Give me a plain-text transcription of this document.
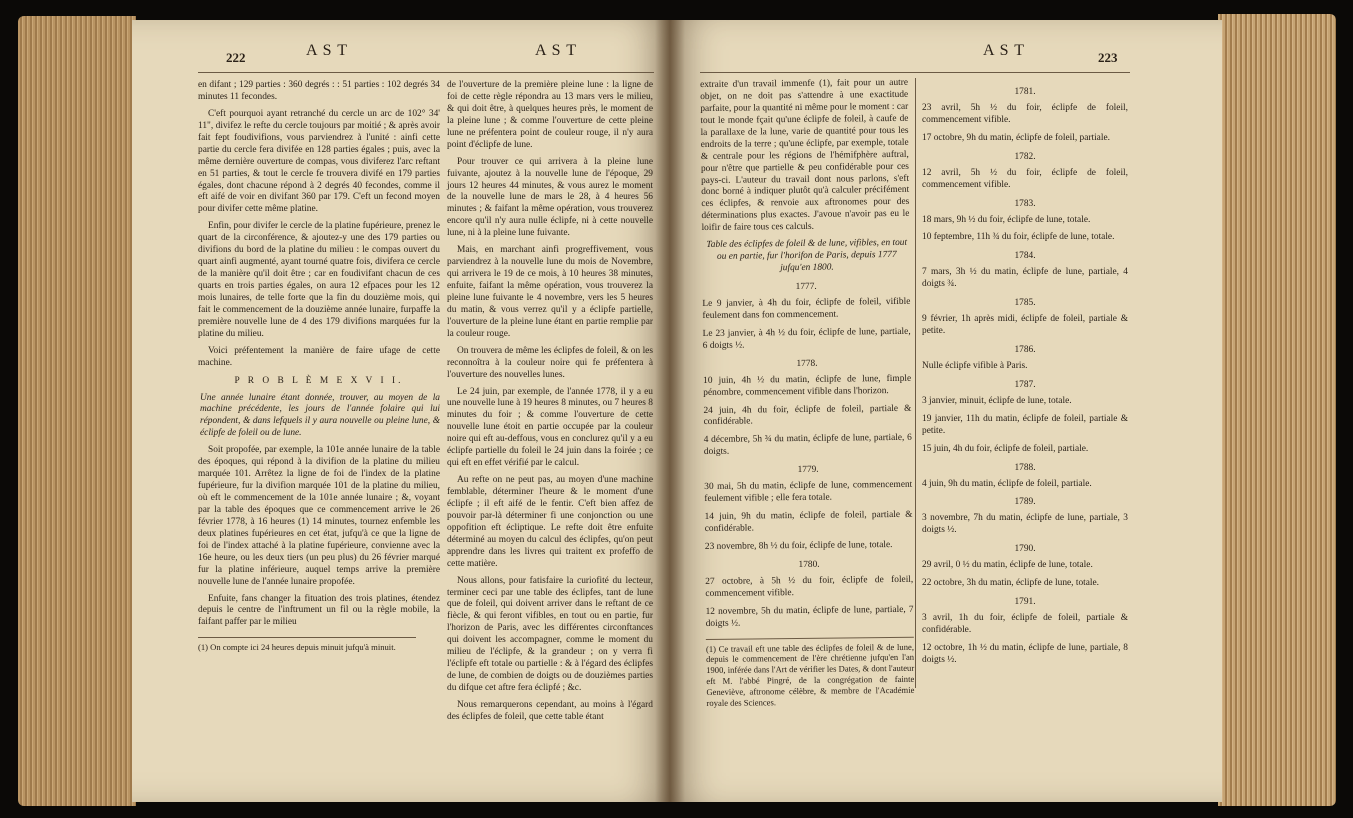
222	A S T	A S T	A S T	223

en difant ; 129 parties : 360 degrés : : 51 parties : 102 degrés 34 minutes 11 fecondes.

C'eft pourquoi ayant retranché du cercle un arc de 102° 34' 11", divifez le refte du cercle toujours par moitié ; & après avoir fait fept foudivifions, vous parviendrez à l'unité : ainfi cette partie du cercle fera divifée en 128 parties égales ; puis, avec la même dernière ouverture de compas, vous diviferez l'arc reftant en 51 parties, & tout le cercle fe trouvera divifé en 179 parties égales, dont chacune répond à 2 degrés 40 fecondes, comme il eft aifé de voir en divifant 360 par 179. C'eft un fecond moyen pour divifer cette même platine.

Enfin, pour divifer le cercle de la platine fupérieure, prenez le quart de la circonférence, & ajoutez-y une des 179 parties ou divifions du bord de la platine du milieu : le compas ouvert du quart ainfi augmenté, ayant tourné quatre fois, divifera ce cercle de la manière qu'il doit être ; car en foudivifant chacun de ces quarts en trois parties égales, on aura 12 efpaces pour les 12 mois lunaires, de telle forte que la fin du douzième mois, qui fait le commencement de la douzième année lunaire, furpaffe la première nouvelle lune de 4 des 179 divifions marquées fur la platine du milieu.

Voici préfentement la manière de faire ufage de cette machine.

P R O B L È M E X V I I.

Une année lunaire étant donnée, trouver, au moyen de la machine précédente, les jours de l'année folaire qui lui répondent, & dans lefquels il y aura nouvelle ou pleine lune, & éclipfe de foleil ou de lune.

Soit propofée, par exemple, la 101e année lunaire de la table des époques, qui répond à la divifion de la platine du milieu marquée 101. Arrêtez la ligne de foi de l'index de la platine fupérieure, fur la divifion marquée 101 de la platine du milieu, où eft le commencement de la 101e année lunaire ; &, voyant par la table des époques que ce commencement arrive le 26 février 1778, à 16 heures (1) 14 minutes, tournez enfemble les deux platines fupérieures en cet état, jufqu'à ce que la ligne de foi de l'index attaché à la platine fupérieure, convienne avec la 16e heure, ou les deux tiers (un peu plus) du 26 février marqué fur la platine inférieure, auquel temps arrive la première nouvelle lune de l'année lunaire propofée.

Enfuite, fans changer la fituation des trois platines, étendez depuis le centre de l'inftrument un fil ou la règle mobile, la faifant paffer par le milieu

(1) On compte ici 24 heures depuis minuit jufqu'à minuit.

de l'ouverture de la première pleine lune : la ligne de foi de cette règle répondra au 13 mars vers le milieu, & qui doit être, à quelques heures près, le moment de la pleine lune ; & comme l'ouverture de cette pleine lune ne préfentera point de couleur rouge, il n'y aura point d'éclipfe de lune.

Pour trouver ce qui arrivera à la pleine lune fuivante, ajoutez à la nouvelle lune de l'époque, 29 jours 12 heures 44 minutes, & vous aurez le moment de la nouvelle lune de mars le 28, à 4 heures 56 minutes ; & faifant la même opération, vous trouverez encore qu'il n'y aura nulle éclipfe, ni à cette nouvelle lune, ni à la pleine lune fuivante.

Mais, en marchant ainfi progreffivement, vous parviendrez à la nouvelle lune du mois de Novembre, qui arrivera le 19 de ce mois, à 10 heures 38 minutes, enfuite, faifant la même opération, vous trouverez la pleine lune fuivante le 4 novembre, vers les 5 heures du matin, & vous verrez qu'il y a éclipfe partielle, l'ouverture de la pleine lune étant en partie remplie par la couleur rouge.

On trouvera de même les éclipfes de foleil, & on les reconnoîtra à la couleur noire qui fe préfentera à l'ouverture des nouvelles lunes.

Le 24 juin, par exemple, de l'année 1778, il y a eu une nouvelle lune à 19 heures 8 minutes, ou 7 heures 8 minutes du foir ; & comme l'ouverture de cette nouvelle lune étoit en partie occupée par la couleur noire qui eft au-deffous, vous en conclurez qu'il y a eu éclipfe partielle du foleil le 24 juin dans la foirée ; ce qui eft en effet vérifié par le calcul.

Au refte on ne peut pas, au moyen d'une machine femblable, déterminer l'heure & le moment d'une éclipfe ; il eft aifé de le fentir. C'eft bien affez de pouvoir par-là déterminer fi une conjonction ou une oppofition eft écliptique. Le refte doit être enfuite déterminé au moyen du calcul des éclipfes, qu'on peut apprendre dans les livres qui traitent ex profeffo de cette matière.

Nous allons, pour fatisfaire la curiofité du lecteur, terminer ceci par une table des éclipfes, tant de lune que de foleil, qui doivent arriver dans le reftant de ce fiècle, & qui feront vifibles, en tout ou en partie, fur l'horizon de Paris, avec les différentes circonftances qui doivent les accompagner, comme le moment du milieu de l'éclipfe, & la grandeur ; on y verra fi l'éclipfe eft totale ou partielle : & à l'égard des éclipfes de lune, de combien de doigts ou de douzièmes parties du difque cet aftre fera éclipfé ; &c.

Nous remarquerons cependant, au moins à l'égard des éclipfes de foleil, que cette table étant

extraite d'un travail immenfe (1), fait pour un autre objet, on ne doit pas s'attendre à une exactitude parfaite, pour la quantité ni même pour le moment : car tout le monde fçait qu'une éclipfe de foleil, à caufe de la parallaxe de la lune, varie de quantité pour tous les endroits de la terre ; qu'une éclipfe, par exemple, totale & centrale pour les régions de l'hémifphère auftral, pour n'être que partielle & peu confidérable pour ces pays-ci. L'auteur du travail dont nous parlons, s'eft donc borné à indiquer plutôt qu'à calculer précifément ces éclipfes, & renvoie aux aftronomes pour des déterminations plus exactes. J'avoue n'avoir pas eu le loifir de faire tous ces calculs.

Table des éclipfes de foleil & de lune, vifibles, en tout ou en partie, fur l'horifon de Paris, depuis 1777 jufqu'en 1800.

1777.

Le 9 janvier, à 4h du foir, éclipfe de foleil, vifible feulement dans fon commencement.

Le 23 janvier, à 4h ½ du foir, éclipfe de lune, partiale, 6 doigts ½.

1778.

10 juin, 4h ½ du matin, éclipfe de lune, fimple pénombre, commencement vifible dans l'horizon.

24 juin, 4h du foir, éclipfe de foleil, partiale & confidérable.

4 décembre, 5h ¾ du matin, éclipfe de lune, partiale, 6 doigts.

1779.

30 mai, 5h du matin, éclipfe de lune, commencement feulement vifible ; elle fera totale.

14 juin, 9h du matin, éclipfe de foleil, partiale & confidérable.

23 novembre, 8h ½ du foir, éclipfe de lune, totale.

1780.

27 octobre, à 5h ½ du foir, éclipfe de foleil, commencement vifible.

12 novembre, 5h du matin, éclipfe de lune, partiale, 7 doigts ½.

(1) Ce travail eft une table des éclipfes de foleil & de lune, depuis le commencement de l'ère chrétienne jufqu'en l'an 1900, inférée dans l'Art de vérifier les Dates, & dont l'auteur eft M. l'abbé Pingré, de la congrégation de fainte Geneviève, aftronome célèbre, & membre de l'Académie royale des Sciences.

1781.

23 avril, 5h ½ du foir, éclipfe de foleil, commencement vifible.

17 octobre, 9h du matin, éclipfe de foleil, partiale.

1782.

12 avril, 5h ½ du foir, éclipfe de foleil, commencement vifible.

1783.

18 mars, 9h ½ du foir, éclipfe de lune, totale.

10 feptembre, 11h ¾ du foir, éclipfe de lune, totale.

1784.

7 mars, 3h ½ du matin, éclipfe de lune, partiale, 4 doigts ¾.

1785.

9 février, 1h après midi, éclipfe de foleil, partiale & petite.

1786.

Nulle éclipfe vifible à Paris.

1787.

3 janvier, minuit, éclipfe de lune, totale.

19 janvier, 11h du matin, éclipfe de foleil, partiale & petite.

15 juin, 4h du foir, éclipfe de foleil, partiale.

1788.

4 juin, 9h du matin, éclipfe de foleil, partiale.

1789.

3 novembre, 7h du matin, éclipfe de lune, partiale, 3 doigts ½.

1790.

29 avril, 0 ½ du matin, éclipfe de lune, totale.

22 octobre, 3h du matin, éclipfe de lune, totale.

1791.

3 avril, 1h du foir, éclipfe de foleil, partiale & confidérable.

12 octobre, 1h ½ du matin, éclipfe de lune, partiale, 8 doigts ½.
